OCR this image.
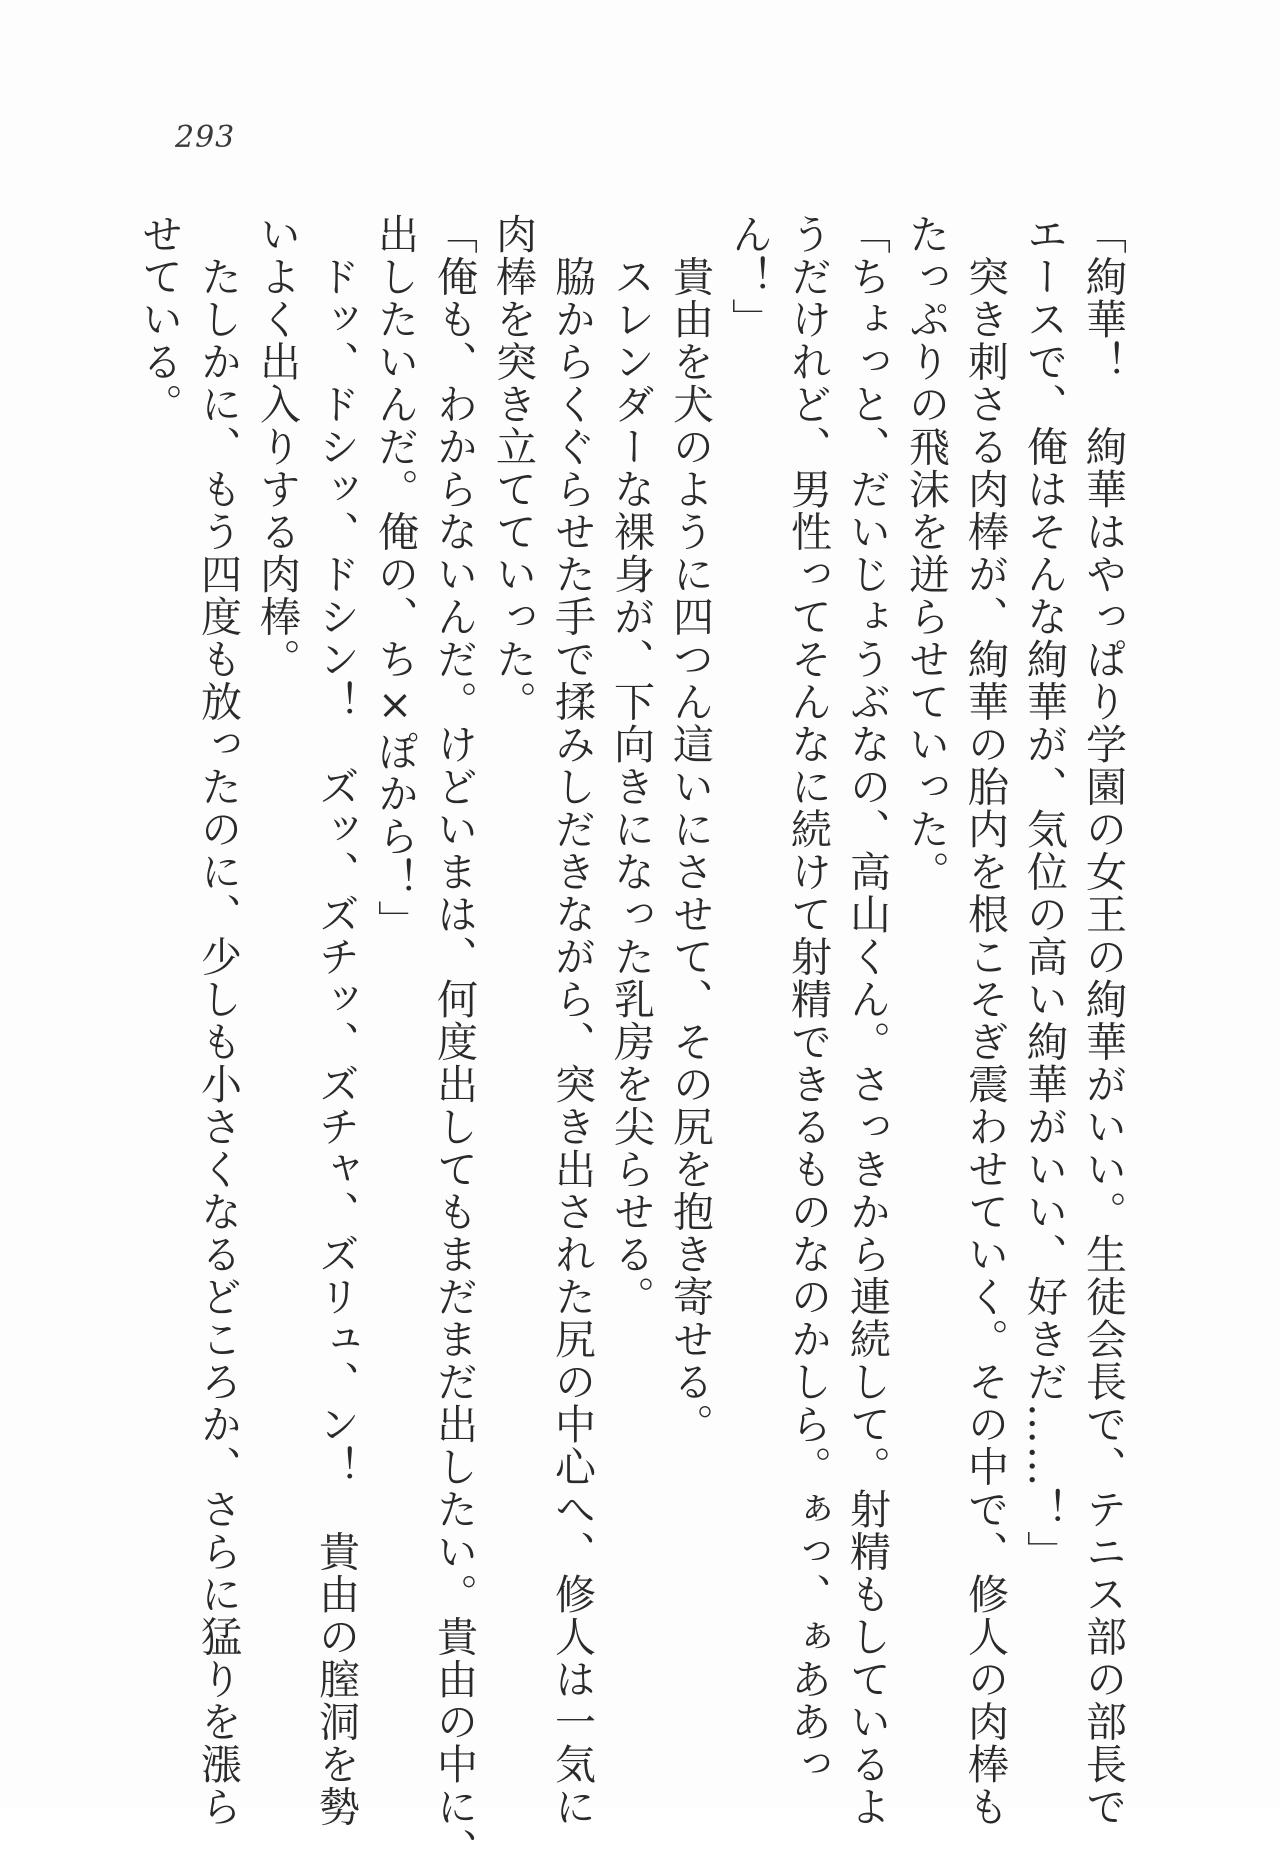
293
「絢華！　絢華はやっぱり学園の女王の絢華がいい。生徒会長で、テニス部の部長で
エースで、俺はそんな絢華が、気位の高い絢華がいい、好きだ……！」
　突き刺さる肉棒が、絢華の胎内を根こそぎ震わせていく。その中で、修人の肉棒も
たっぷりの飛沫を迸らせていった。
「ちょっと、だいじょうぶなの、高山くん。さっきから連続して。射精もしているよ
うだけれど、男性ってそんなに続けて射精できるものなのかしら。ぁっ、ぁああっ
ん！」
　貴由を犬のように四つん這いにさせて、その尻を抱き寄せる。
　スレンダーな裸身が、下向きになった乳房を尖らせる。
　脇からくぐらせた手で揉みしだきながら、突き出された尻の中心へ、修人は一気に
肉棒を突き立てていった。
「俺も、わからないんだ。けどいまは、何度出してもまだまだ出したい。貴由の中に、
出したいんだ。俺の、ち×ぽから！」
　ドッ、ドシッ、ドシン！　ズッ、ズチッ、ズチャ、ズリュ、ン！　貴由の膣洞を勢
いよく出入りする肉棒。
　たしかに、もう四度も放ったのに、少しも小さくなるどころか、さらに猛りを漲ら
せている。
